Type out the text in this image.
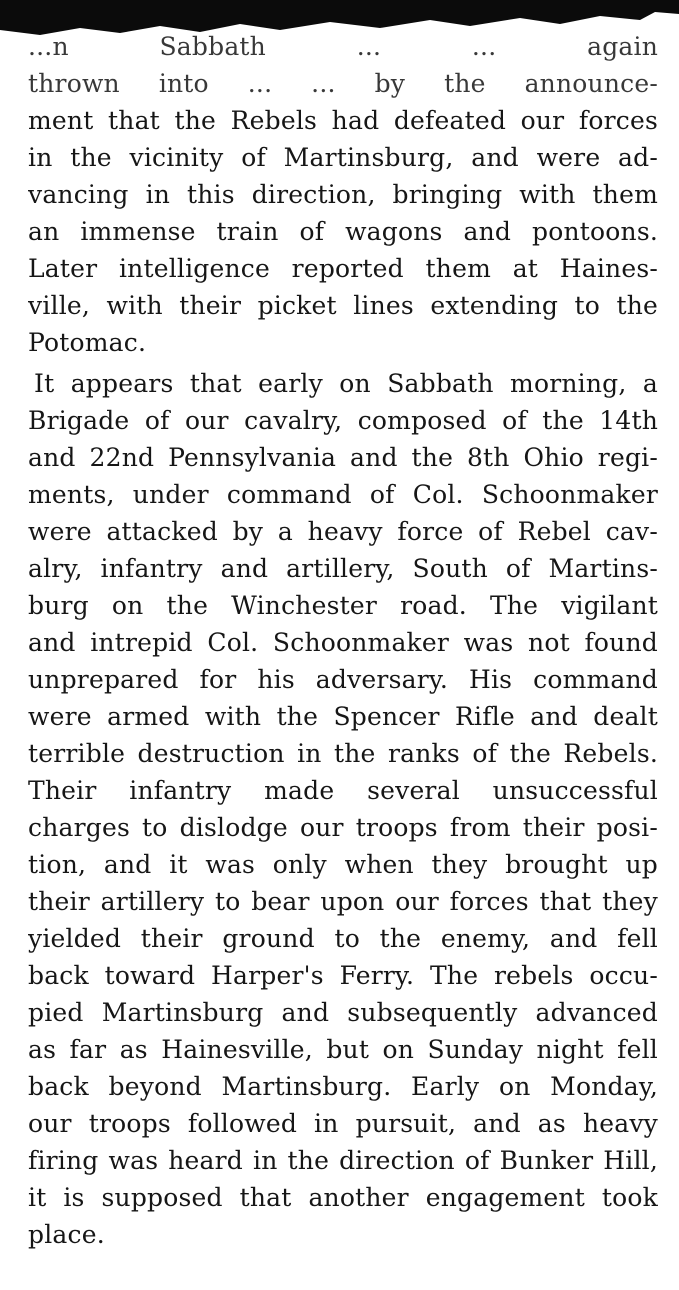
...n Sabbath ... ... again
thrown into ... ... by the announce-
ment that the Rebels had defeated our forces
in the vicinity of Martinsburg, and were ad-
vancing in this direction, bringing with them
an immense train of wagons and pontoons.
Later intelligence reported them at Haines-
ville, with their picket lines extending to the
Potomac.
It appears that early on Sabbath morning, a
Brigade of our cavalry, composed of the 14th
and 22nd Pennsylvania and the 8th Ohio regi-
ments, under command of Col. Schoonmaker
were attacked by a heavy force of Rebel cav-
alry, infantry and artillery, South of Martins-
burg on the Winchester road. The vigilant
and intrepid Col. Schoonmaker was not found
unprepared for his adversary. His command
were armed with the Spencer Rifle and dealt
terrible destruction in the ranks of the Rebels.
Their infantry made several unsuccessful
charges to dislodge our troops from their posi-
tion, and it was only when they brought up
their artillery to bear upon our forces that they
yielded their ground to the enemy, and fell
back toward Harper's Ferry. The rebels occu-
pied Martinsburg and subsequently advanced
as far as Hainesville, but on Sunday night fell
back beyond Martinsburg. Early on Monday,
our troops followed in pursuit, and as heavy
firing was heard in the direction of Bunker Hill,
it is supposed that another engagement took
place.
